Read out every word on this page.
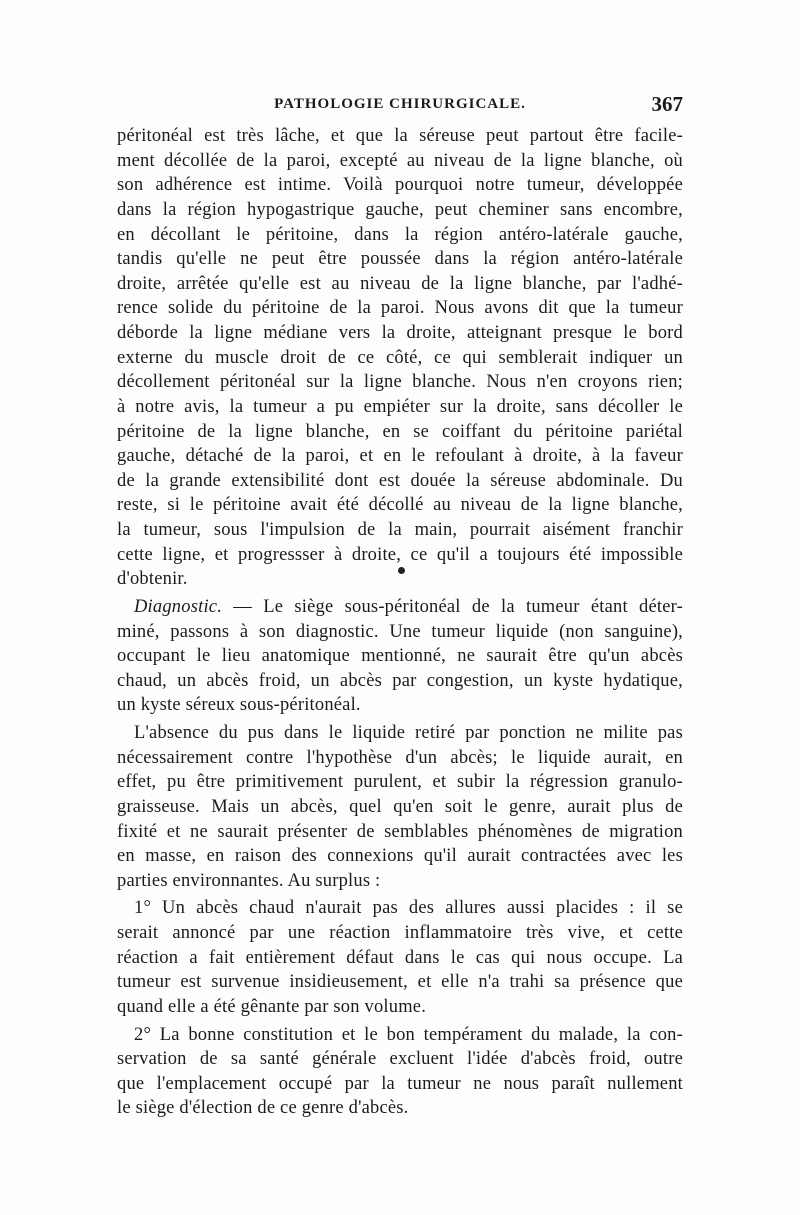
PATHOLOGIE CHIRURGICALE.	367
péritonéal est très lâche, et que la séreuse peut partout être facile-
ment décollée de la paroi, excepté au niveau de la ligne blanche, où
son adhérence est intime. Voilà pourquoi notre tumeur, développée
dans la région hypogastrique gauche, peut cheminer sans encombre,
en décollant le péritoine, dans la région antéro-latérale gauche,
tandis qu'elle ne peut être poussée dans la région antéro-latérale
droite, arrêtée qu'elle est au niveau de la ligne blanche, par l'adhé-
rence solide du péritoine de la paroi. Nous avons dit que la tumeur
déborde la ligne médiane vers la droite, atteignant presque le bord
externe du muscle droit de ce côté, ce qui semblerait indiquer un
décollement péritonéal sur la ligne blanche. Nous n'en croyons rien;
à notre avis, la tumeur a pu empiéter sur la droite, sans décoller le
péritoine de la ligne blanche, en se coiffant du péritoine pariétal
gauche, détaché de la paroi, et en le refoulant à droite, à la faveur
de la grande extensibilité dont est douée la séreuse abdominale. Du
reste, si le péritoine avait été décollé au niveau de la ligne blanche,
la tumeur, sous l'impulsion de la main, pourrait aisément franchir
cette ligne, et progressser à droite, ce qu'il a toujours été impossible
d'obtenir.
Diagnostic. — Le siège sous-péritonéal de la tumeur étant déter-
miné, passons à son diagnostic. Une tumeur liquide (non sanguine),
occupant le lieu anatomique mentionné, ne saurait être qu'un abcès
chaud, un abcès froid, un abcès par congestion, un kyste hydatique,
un kyste séreux sous-péritonéal.
L'absence du pus dans le liquide retiré par ponction ne milite pas
nécessairement contre l'hypothèse d'un abcès; le liquide aurait, en
effet, pu être primitivement purulent, et subir la régression granulo-
graisseuse. Mais un abcès, quel qu'en soit le genre, aurait plus de
fixité et ne saurait présenter de semblables phénomènes de migration
en masse, en raison des connexions qu'il aurait contractées avec les
parties environnantes. Au surplus :
1° Un abcès chaud n'aurait pas des allures aussi placides : il se
serait annoncé par une réaction inflammatoire très vive, et cette
réaction a fait entièrement défaut dans le cas qui nous occupe. La
tumeur est survenue insidieusement, et elle n'a trahi sa présence que
quand elle a été gênante par son volume.
2° La bonne constitution et le bon tempérament du malade, la con-
servation de sa santé générale excluent l'idée d'abcès froid, outre
que l'emplacement occupé par la tumeur ne nous paraît nullement
le siège d'élection de ce genre d'abcès.
